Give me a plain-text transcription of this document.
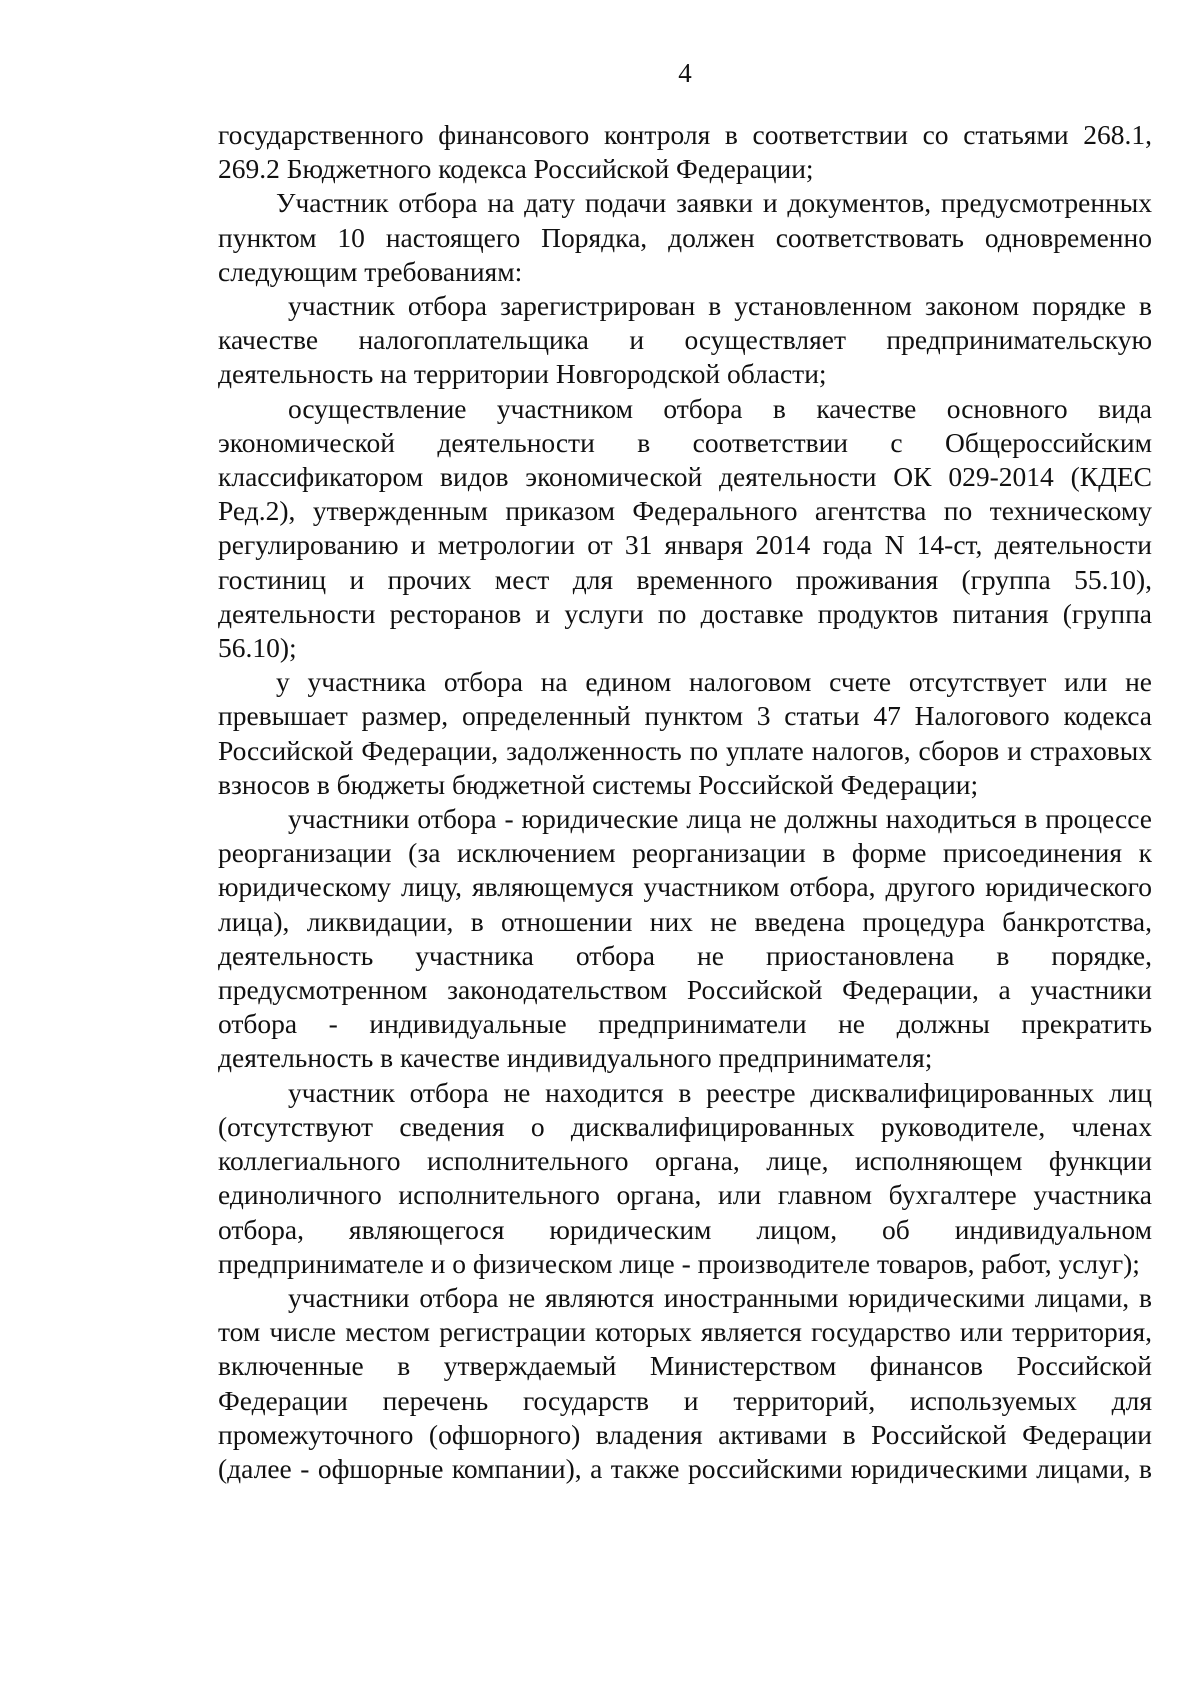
4

государственного финансового контроля в соответствии со статьями 268.1, 269.2 Бюджетного кодекса Российской Федерации;

Участник отбора на дату подачи заявки и документов, предусмотренных пунктом 10 настоящего Порядка, должен соответствовать одновременно следующим требованиям:

участник отбора зарегистрирован в установленном законом порядке в качестве налогоплательщика и осуществляет предпринимательскую деятельность на территории Новгородской области;

осуществление участником отбора в качестве основного вида экономической деятельности в соответствии с Общероссийским классификатором видов экономической деятельности ОК 029-2014 (КДЕС Ред.2), утвержденным приказом Федерального агентства по техническому регулированию и метрологии от 31 января 2014 года N 14-ст, деятельности гостиниц и прочих мест для временного проживания (группа 55.10), деятельности ресторанов и услуги по доставке продуктов питания (группа 56.10);

у участника отбора на едином налоговом счете отсутствует или не превышает размер, определенный пунктом 3 статьи 47 Налогового кодекса Российской Федерации, задолженность по уплате налогов, сборов и страховых взносов в бюджеты бюджетной системы Российской Федерации;

участники отбора - юридические лица не должны находиться в процессе реорганизации (за исключением реорганизации в форме присоединения к юридическому лицу, являющемуся участником отбора, другого юридического лица), ликвидации, в отношении них не введена процедура банкротства, деятельность участника отбора не приостановлена в порядке, предусмотренном законодательством Российской Федерации, а участники отбора - индивидуальные предприниматели не должны прекратить деятельность в качестве индивидуального предпринимателя;

участник отбора не находится в реестре дисквалифицированных лиц (отсутствуют сведения о дисквалифицированных руководителе, членах коллегиального исполнительного органа, лице, исполняющем функции единоличного исполнительного органа, или главном бухгалтере участника отбора, являющегося юридическим лицом, об индивидуальном предпринимателе и о физическом лице - производителе товаров, работ, услуг);

участники отбора не являются иностранными юридическими лицами, в том числе местом регистрации которых является государство или территория, включенные в утверждаемый Министерством финансов Российской Федерации перечень государств и территорий, используемых для промежуточного (офшорного) владения активами в Российской Федерации (далее - офшорные компании), а также российскими юридическими лицами, в
